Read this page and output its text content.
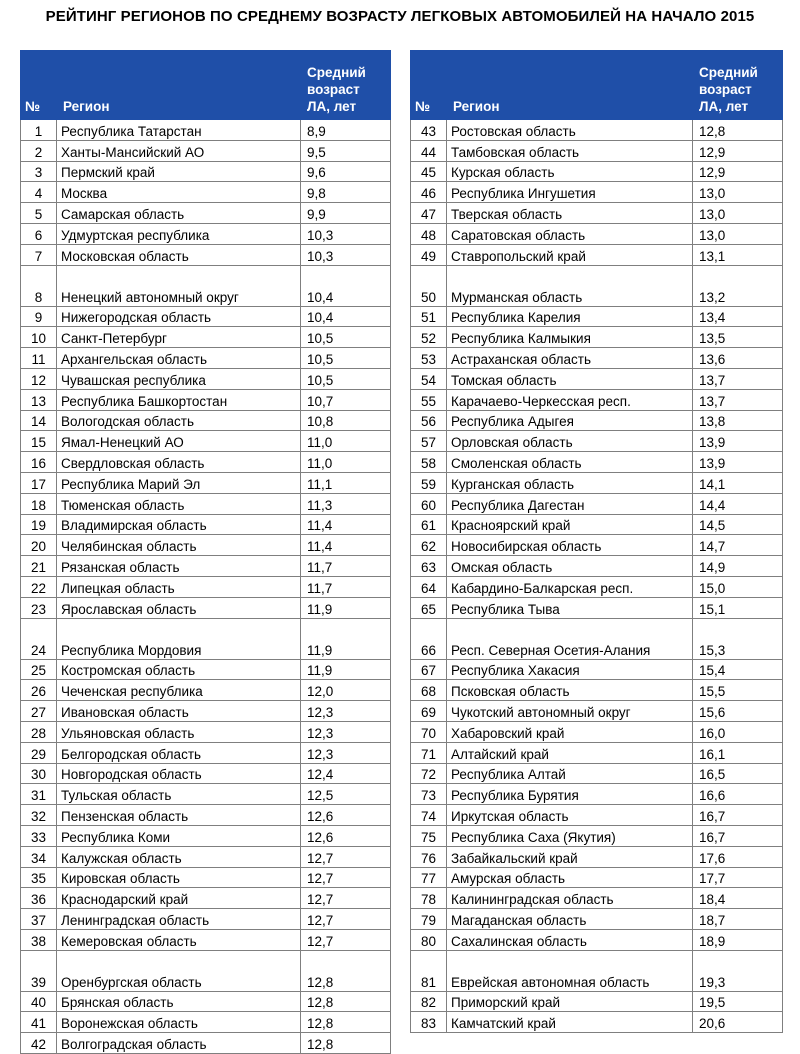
РЕЙТИНГ РЕГИОНОВ ПО СРЕДНЕМУ ВОЗРАСТУ ЛЕГКОВЫХ АВТОМОБИЛЕЙ НА НАЧАЛО 2015
№	Регион	Средний возраст ЛА, лет
1	Республика Татарстан	8,9
2	Ханты-Мансийский АО	9,5
3	Пермский край	9,6
4	Москва	9,8
5	Самарская область	9,9
6	Удмуртская республика	10,3
7	Московская область	10,3
8	Ненецкий автономный округ	10,4
9	Нижегородская область	10,4
10	Санкт-Петербург	10,5
11	Архангельская область	10,5
12	Чувашская республика	10,5
13	Республика Башкортостан	10,7
14	Вологодская область	10,8
15	Ямал-Ненецкий АО	11,0
16	Свердловская область	11,0
17	Республика Марий Эл	11,1
18	Тюменская область	11,3
19	Владимирская область	11,4
20	Челябинская область	11,4
21	Рязанская область	11,7
22	Липецкая область	11,7
23	Ярославская область	11,9
24	Республика Мордовия	11,9
25	Костромская область	11,9
26	Чеченская республика	12,0
27	Ивановская область	12,3
28	Ульяновская область	12,3
29	Белгородская область	12,3
30	Новгородская область	12,4
31	Тульская область	12,5
32	Пензенская область	12,6
33	Республика Коми	12,6
34	Калужская область	12,7
35	Кировская область	12,7
36	Краснодарский край	12,7
37	Ленинградская область	12,7
38	Кемеровская область	12,7
39	Оренбургская область	12,8
40	Брянская область	12,8
41	Воронежская область	12,8
42	Волгоградская область	12,8
№	Регион	Средний возраст ЛА, лет
43	Ростовская область	12,8
44	Тамбовская область	12,9
45	Курская область	12,9
46	Республика Ингушетия	13,0
47	Тверская область	13,0
48	Саратовская область	13,0
49	Ставропольский край	13,1
50	Мурманская область	13,2
51	Республика Карелия	13,4
52	Республика Калмыкия	13,5
53	Астраханская область	13,6
54	Томская область	13,7
55	Карачаево-Черкесская респ.	13,7
56	Республика Адыгея	13,8
57	Орловская область	13,9
58	Смоленская область	13,9
59	Курганская область	14,1
60	Республика Дагестан	14,4
61	Красноярский край	14,5
62	Новосибирская область	14,7
63	Омская область	14,9
64	Кабардино-Балкарская респ.	15,0
65	Республика Тыва	15,1
66	Респ. Северная Осетия-Алания	15,3
67	Республика Хакасия	15,4
68	Псковская область	15,5
69	Чукотский автономный округ	15,6
70	Хабаровский край	16,0
71	Алтайский край	16,1
72	Республика Алтай	16,5
73	Республика Бурятия	16,6
74	Иркутская область	16,7
75	Республика Саха (Якутия)	16,7
76	Забайкальский край	17,6
77	Амурская область	17,7
78	Калининградская область	18,4
79	Магаданская область	18,7
80	Сахалинская область	18,9
81	Еврейская автономная область	19,3
82	Приморский край	19,5
83	Камчатский край	20,6
